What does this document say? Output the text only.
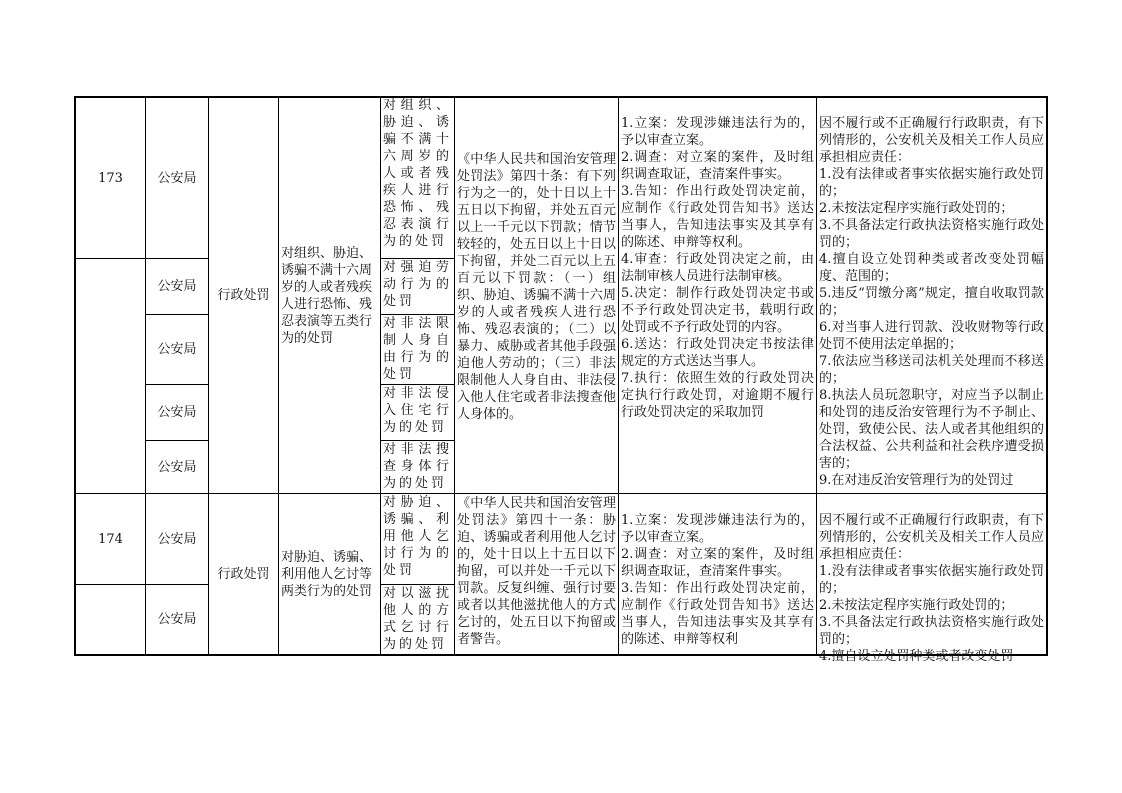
173	公安局
公安局
公安局
公安局
公安局
行政处罚
对组织、胁迫、诱骗不满十六周岁的人或者残疾人进行恐怖、残忍表演等五类行为的处罚
对组织、胁迫、诱骗不满十六周岁的人或者残疾人进行恐怖、残忍表演行为的处罚
对强迫劳动行为的处罚
对非法限制人身自由行为的处罚
对非法侵入住宅行为的处罚
对非法搜查身体行为的处罚
《中华人民共和国治安管理处罚法》第四十条：有下列行为之一的，处十日以上十五日以下拘留，并处五百元以上一千元以下罚款；情节较轻的，处五日以上十日以下拘留，并处二百元以上五百元以下罚款：（一）组织、胁迫、诱骗不满十六周岁的人或者残疾人进行恐怖、残忍表演的；（二）以暴力、威胁或者其他手段强迫他人劳动的；（三）非法限制他人人身自由、非法侵入他人住宅或者非法搜查他人身体的。

1.立案：发现涉嫌违法行为的，予以审查立案。
2.调查：对立案的案件，及时组织调查取证，查清案件事实。
3.告知：作出行政处罚决定前，应制作《行政处罚告知书》送达当事人，告知违法事实及其享有的陈述、申辩等权利。
4.审查：行政处罚决定之前，由法制审核人员进行法制审核。
5.决定：制作行政处罚决定书或不予行政处罚决定书，载明行政处罚或不予行政处罚的内容。
6.送达：行政处罚决定书按法律规定的方式送达当事人。
7.执行：依照生效的行政处罚决定执行行政处罚，对逾期不履行行政处罚决定的采取加罚

因不履行或不正确履行行政职责，有下列情形的，公安机关及相关工作人员应承担相应责任：
1.没有法律或者事实依据实施行政处罚的；
2.未按法定程序实施行政处罚的；
3.不具备法定行政执法资格实施行政处罚的；
4.擅自设立处罚种类或者改变处罚幅度、范围的；
5.违反“罚缴分离”规定，擅自收取罚款的；
6.对当事人进行罚款、没收财物等行政处罚不使用法定单据的；
7.依法应当移送司法机关处理而不移送的；
8.执法人员玩忽职守，对应当予以制止和处罚的违反治安管理行为不予制止、处罚，致使公民、法人或者其他组织的合法权益、公共利益和社会秩序遭受损害的；
9.在对违反治安管理行为的处罚过

174	公安局
公安局
行政处罚
对胁迫、诱骗、利用他人乞讨等两类行为的处罚
对胁迫、诱骗、利用他人乞讨行为的处罚
对以滋扰他人的方式乞讨行为的处罚
《中华人民共和国治安管理处罚法》第四十一条：胁迫、诱骗或者利用他人乞讨的，处十日以上十五日以下拘留，可以并处一千元以下罚款。反复纠缠、强行讨要或者以其他滋扰他人的方式乞讨的，处五日以下拘留或者警告。

1.立案：发现涉嫌违法行为的，予以审查立案。
2.调查：对立案的案件，及时组织调查取证，查清案件事实。
3.告知：作出行政处罚决定前，应制作《行政处罚告知书》送达当事人，告知违法事实及其享有的陈述、申辩等权利

因不履行或不正确履行行政职责，有下列情形的，公安机关及相关工作人员应承担相应责任：
1.没有法律或者事实依据实施行政处罚的；
2.未按法定程序实施行政处罚的；
3.不具备法定行政执法资格实施行政处罚的；
4.擅自设立处罚种类或者改变处罚
